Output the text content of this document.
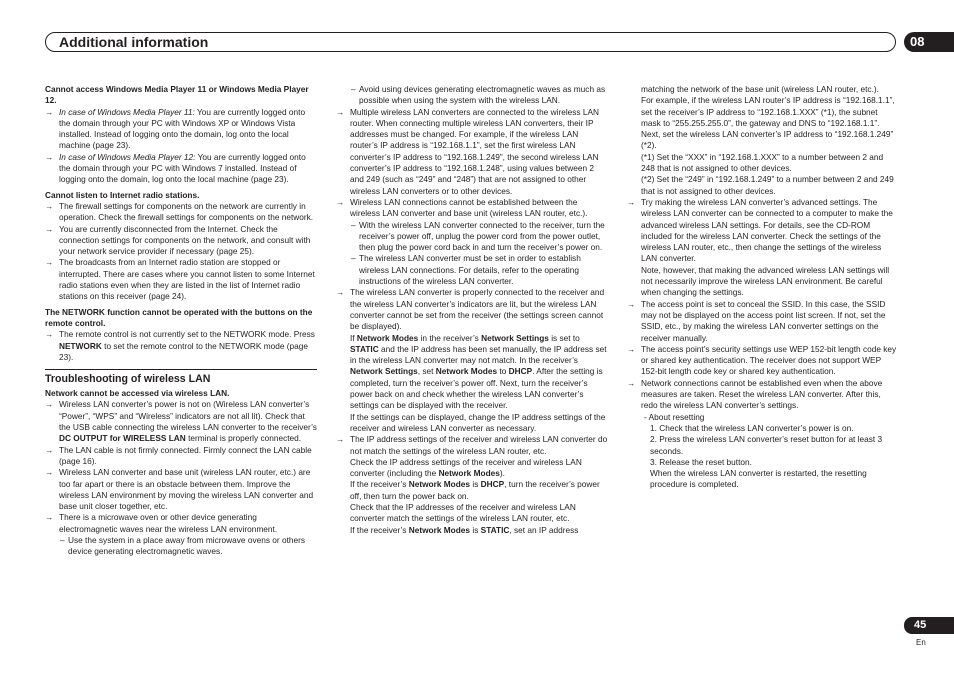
Additional information	08

Cannot access Windows Media Player 11 or Windows Media Player 12.

→ In case of Windows Media Player 11: You are currently logged onto the domain through your PC with Windows XP or Windows Vista installed. Instead of logging onto the domain, log onto the local machine (page 23).

→ In case of Windows Media Player 12: You are currently logged onto the domain through your PC with Windows 7 installed. Instead of logging onto the domain, log onto the local machine (page 23).

Cannot listen to Internet radio stations.

→ The firewall settings for components on the network are currently in operation. Check the firewall settings for components on the network.

→ You are currently disconnected from the Internet. Check the connection settings for components on the network, and consult with your network service provider if necessary (page 25).

→ The broadcasts from an Internet radio station are stopped or interrupted. There are cases where you cannot listen to some Internet radio stations even when they are listed in the list of Internet radio stations on this receiver (page 24).

The NETWORK function cannot be operated with the buttons on the remote control.

→ The remote control is not currently set to the NETWORK mode. Press NETWORK to set the remote control to the NETWORK mode (page 23).

Troubleshooting of wireless LAN

Network cannot be accessed via wireless LAN.

→ Wireless LAN converter’s power is not on (Wireless LAN converter’s “Power”, “WPS” and “Wireless” indicators are not all lit). Check that the USB cable connecting the wireless LAN converter to the receiver’s DC OUTPUT for WIRELESS LAN terminal is properly connected.

→ The LAN cable is not firmly connected. Firmly connect the LAN cable (page 16).

→ Wireless LAN converter and base unit (wireless LAN router, etc.) are too far apart or there is an obstacle between them. Improve the wireless LAN environment by moving the wireless LAN converter and base unit closer together, etc.

→ There is a microwave oven or other device generating electromagnetic waves near the wireless LAN environment.

– Use the system in a place away from microwave ovens or others device generating electromagnetic waves.

– Avoid using devices generating electromagnetic waves as much as possible when using the system with the wireless LAN.

→ Multiple wireless LAN converters are connected to the wireless LAN router. When connecting multiple wireless LAN converters, their IP addresses must be changed. For example, if the wireless LAN router’s IP address is “192.168.1.1”, set the first wireless LAN converter’s IP address to “192.168.1.249”, the second wireless LAN converter’s IP address to “192.168.1.248”, using values between 2 and 249 (such as “249” and “248”) that are not assigned to other wireless LAN converters or to other devices.

→ Wireless LAN connections cannot be established between the wireless LAN converter and base unit (wireless LAN router, etc.).

– With the wireless LAN converter connected to the receiver, turn the receiver’s power off, unplug the power cord from the power outlet, then plug the power cord back in and turn the receiver’s power on.

– The wireless LAN converter must be set in order to establish wireless LAN connections. For details, refer to the operating instructions of the wireless LAN converter.

→ The wireless LAN converter is properly connected to the receiver and the wireless LAN converter’s indicators are lit, but the wireless LAN converter cannot be set from the receiver (the settings screen cannot be displayed).

If Network Modes in the receiver’s Network Settings is set to STATIC and the IP address has been set manually, the IP address set in the wireless LAN converter may not match. In the receiver’s Network Settings, set Network Modes to DHCP. After the setting is completed, turn the receiver’s power off. Next, turn the receiver’s power back on and check whether the wireless LAN converter’s settings can be displayed with the receiver.

If the settings can be displayed, change the IP address settings of the receiver and wireless LAN converter as necessary.

→ The IP address settings of the receiver and wireless LAN converter do not match the settings of the wireless LAN router, etc.

Check the IP address settings of the receiver and wireless LAN converter (including the Network Modes).

If the receiver’s Network Modes is DHCP, turn the receiver’s power off, then turn the power back on.

Check that the IP addresses of the receiver and wireless LAN converter match the settings of the wireless LAN router, etc.

If the receiver’s Network Modes is STATIC, set an IP address

matching the network of the base unit (wireless LAN router, etc.).

For example, if the wireless LAN router’s IP address is “192.168.1.1”, set the receiver’s IP address to “192.168.1.XXX” (*1), the subnet mask to “255.255.255.0”, the gateway and DNS to “192.168.1.1”.

Next, set the wireless LAN converter’s IP address to “192.168.1.249” (*2).

(*1) Set the “XXX” in “192.168.1.XXX” to a number between 2 and 248 that is not assigned to other devices.

(*2) Set the “249” in “192.168.1.249” to a number between 2 and 249 that is not assigned to other devices.

→ Try making the wireless LAN converter’s advanced settings. The wireless LAN converter can be connected to a computer to make the advanced wireless LAN settings. For details, see the CD-ROM included for the wireless LAN converter. Check the settings of the wireless LAN router, etc., then change the settings of the wireless LAN converter.

Note, however, that making the advanced wireless LAN settings will not necessarily improve the wireless LAN environment. Be careful when changing the settings.

→ The access point is set to conceal the SSID. In this case, the SSID may not be displayed on the access point list screen. If not, set the SSID, etc., by making the wireless LAN converter settings on the receiver manually.

→ The access point’s security settings use WEP 152-bit length code key or shared key authentication. The receiver does not support WEP 152-bit length code key or shared key authentication.

→ Network connections cannot be established even when the above measures are taken. Reset the wireless LAN converter. After this, redo the wireless LAN converter’s settings.

- About resetting

1. Check that the wireless LAN converter’s power is on.

2. Press the wireless LAN converter’s reset button for at least 3 seconds.

3. Release the reset button.

When the wireless LAN converter is restarted, the resetting procedure is completed.

45
En
